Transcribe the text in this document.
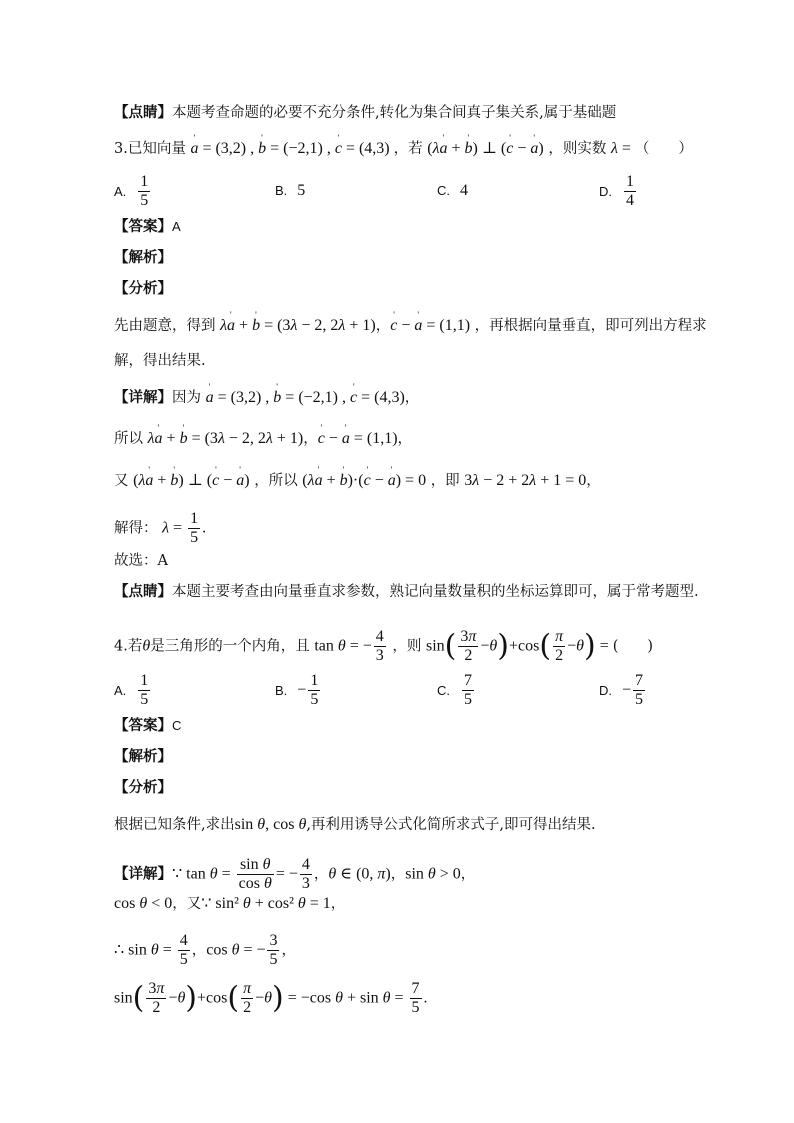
【点睛】本题考查命题的必要不充分条件,转化为集合间真子集关系,属于基础题
3.已知向量 ' a = (3,2) , ' b = (−2,1) , ' c = (4,3) ，若 (λ' a + ' b) ⊥ (' c − ' a) ，则实数 λ = （　　）
A. $\frac{1}{5}$	B. 5	C. 4	D. $\frac{1}{4}$
【答案】A
【解析】
【分析】
先由题意，得到 λ' a + ' b = (3λ − 2, 2λ + 1)，' c − ' a = (1,1) ，再根据向量垂直，即可列出方程求
解，得出结果.
【详解】因为 ' a = (3,2) , ' b = (−2,1) , ' c = (4,3)，
所以 λ' a + ' b = (3λ − 2, 2λ + 1)，' c − ' a = (1,1)，
又 (λ' a + ' b) ⊥ (' c − ' a) ，所以 (λ' a + ' b)·(' c − ' a) = 0 ，即 3λ − 2 + 2λ + 1 = 0，
解得： $\lambda = \frac{1}{5}$ .
故选：A
【点睛】本题主要考查由向量垂直求参数，熟记向量数量积的坐标运算即可，属于常考题型.
4.若θ是三角形的一个内角，且 tan θ = − $\frac{4}{3}$ ，则 $\sin( \frac{3\pi}{2} -\theta)+\cos( \frac{\pi}{2} -\theta)$ = (　　)
A. $\frac{1}{5}$	B. − $\frac{1}{5}$	C. $\frac{7}{5}$	D. − $\frac{7}{5}$
【答案】C
【解析】
【分析】
根据已知条件,求出sin θ, cos θ,再利用诱导公式化简所求式子,即可得出结果.
【详解】∵ $\tan \theta = \frac{\text{sin θ}}{\text{cos θ}}$ = − $\frac{4}{3}$ ，θ ∈ (0, π)，sin θ > 0，
cos θ < 0，又∵ sin² θ + cos² θ = 1，
∴ $\sin \theta = \frac{4}{5}$ ，cos θ = − $\frac{3}{5}$ ，
$\sin( \frac{3\pi}{2} -\theta)+\cos( \frac{\pi}{2} -\theta) = -\cos$ $\theta + \sin \theta = \frac{7}{5}$ .
